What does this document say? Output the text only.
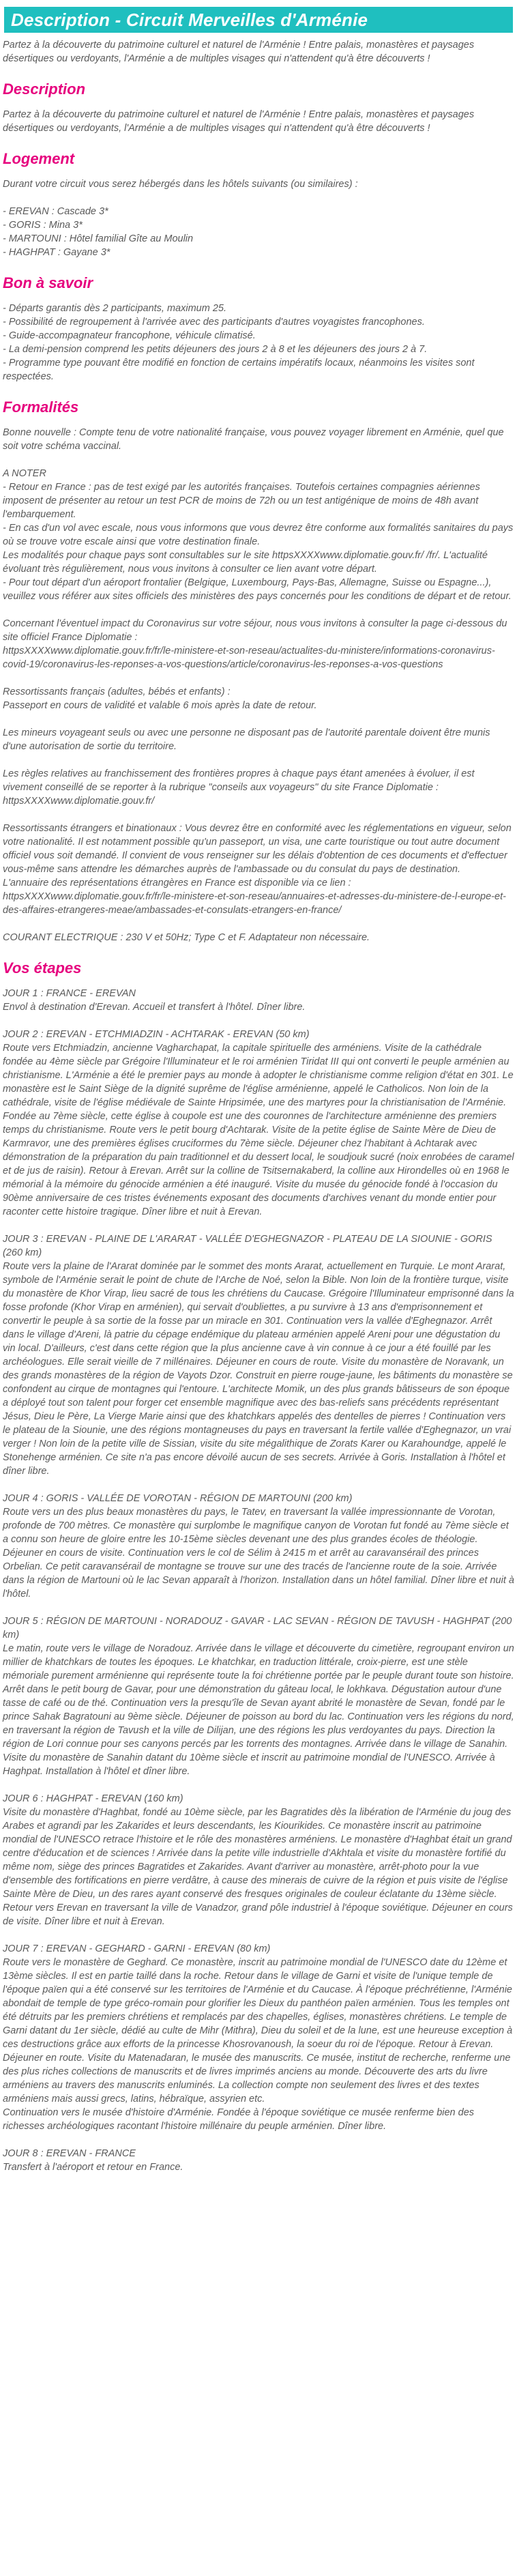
Description - Circuit Merveilles d'Arménie

Partez à la découverte du patrimoine culturel et naturel de l'Arménie ! Entre palais, monastères et paysages désertiques ou verdoyants, l'Arménie a de multiples visages qui n'attendent qu'à être découverts !

Description

Partez à la découverte du patrimoine culturel et naturel de l'Arménie ! Entre palais, monastères et paysages désertiques ou verdoyants, l'Arménie a de multiples visages qui n'attendent qu'à être découverts !

Logement

Durant votre circuit vous serez hébergés dans les hôtels suivants (ou similaires) :

- EREVAN : Cascade 3*
- GORIS : Mina 3*
- MARTOUNI : Hôtel familial Gîte au Moulin
- HAGHPAT : Gayane 3*
Bon à savoir
- Départs garantis dès 2 participants, maximum 25.
- Possibilité de regroupement à l'arrivée avec des participants d'autres voyagistes francophones.
- Guide-accompagnateur francophone, véhicule climatisé.
- La demi-pension comprend les petits déjeuners des jours 2 à 8 et les déjeuners des jours 2 à 7.
- Programme type pouvant être modifié en fonction de certains impératifs locaux, néanmoins les visites sont respectées.
Formalités

Bonne nouvelle : Compte tenu de votre nationalité française, vous pouvez voyager librement en Arménie, quel que soit votre schéma vaccinal.

A NOTER
- Retour en France : pas de test exigé par les autorités françaises. Toutefois certaines compagnies aériennes imposent de présenter au retour un test PCR de moins de 72h ou un test antigénique de moins de 48h avant l'embarquement.
- En cas d'un vol avec escale, nous vous informons que vous devrez être conforme aux formalités sanitaires du pays où se trouve votre escale ainsi que votre destination finale.
Les modalités pour chaque pays sont consultables sur le site httpsXXXXwww.diplomatie.gouv.fr/ /fr/. L'actualité évoluant très régulièrement, nous vous invitons à consulter ce lien avant votre départ.
- Pour tout départ d'un aéroport frontalier (Belgique, Luxembourg, Pays-Bas, Allemagne, Suisse ou Espagne...), veuillez vous référer aux sites officiels des ministères des pays concernés pour les conditions de départ et de retour.

Concernant l'éventuel impact du Coronavirus sur votre séjour, nous vous invitons à consulter la page ci-dessous du site officiel France Diplomatie :
httpsXXXXwww.diplomatie.gouv.fr/fr/le-ministere-et-son-reseau/actualites-du-ministere/informations-coronavirus-covid-19/coronavirus-les-reponses-a-vos-questions/article/coronavirus-les-reponses-a-vos-questions

Ressortissants français (adultes, bébés et enfants) :
Passeport en cours de validité et valable 6 mois après la date de retour.

Les mineurs voyageant seuls ou avec une personne ne disposant pas de l'autorité parentale doivent être munis d'une autorisation de sortie du territoire.

Les règles relatives au franchissement des frontières propres à chaque pays étant amenées à évoluer, il est vivement conseillé de se reporter à la rubrique "conseils aux voyageurs" du site France Diplomatie :
httpsXXXXwww.diplomatie.gouv.fr/

Ressortissants étrangers et binationaux : Vous devrez être en conformité avec les réglementations en vigueur, selon votre nationalité. Il est notamment possible qu'un passeport, un visa, une carte touristique ou tout autre document officiel vous soit demandé. Il convient de vous renseigner sur les délais d'obtention de ces documents et d'effectuer vous-même sans attendre les démarches auprès de l'ambassade ou du consulat du pays de destination.
L'annuaire des représentations étrangères en France est disponible via ce lien :
httpsXXXXwww.diplomatie.gouv.fr/fr/le-ministere-et-son-reseau/annuaires-et-adresses-du-ministere-de-l-europe-et-des-affaires-etrangeres-meae/ambassades-et-consulats-etrangers-en-france/

COURANT ELECTRIQUE : 230 V et 50Hz; Type C et F. Adaptateur non nécessaire.

Vos étapes
JOUR 1 : FRANCE - EREVAN

Envol à destination d'Erevan. Accueil et transfert à l'hôtel. Dîner libre.

JOUR 2 : EREVAN - ETCHMIADZIN - ACHTARAK - EREVAN (50 km)

Route vers Etchmiadzin, ancienne Vagharchapat, la capitale spirituelle des arméniens. Visite de la cathédrale fondée au 4ème siècle par Grégoire l'Illuminateur et le roi arménien Tiridat III qui ont converti le peuple arménien au christianisme. L'Arménie a été le premier pays au monde à adopter le christianisme comme religion d'état en 301. Le monastère est le Saint Siège de la dignité suprême de l'église arménienne, appelé le Catholicos. Non loin de la cathédrale, visite de l'église médiévale de Sainte Hripsimée, une des martyres pour la christianisation de l'Arménie. Fondée au 7ème siècle, cette église à coupole est une des couronnes de l'architecture arménienne des premiers temps du christianisme. Route vers le petit bourg d'Achtarak. Visite de la petite église de Sainte Mère de Dieu de Karmravor, une des premières églises cruciformes du 7ème siècle. Déjeuner chez l'habitant à Achtarak avec démonstration de la préparation du pain traditionnel et du dessert local, le soudjouk sucré (noix enrobées de caramel et de jus de raisin). Retour à Erevan. Arrêt sur la colline de Tsitsernakaberd, la colline aux Hirondelles où en 1968 le mémorial à la mémoire du génocide arménien a été inauguré. Visite du musée du génocide fondé à l'occasion du 90ème anniversaire de ces tristes événements exposant des documents d'archives venant du monde entier pour raconter cette histoire tragique. Dîner libre et nuit à Erevan.

JOUR 3 : EREVAN - PLAINE DE L'ARARAT - VALLÉE D'EGHEGNAZOR - PLATEAU DE LA SIOUNIE - GORIS (260 km)

Route vers la plaine de l'Ararat dominée par le sommet des monts Ararat, actuellement en Turquie. Le mont Ararat, symbole de l'Arménie serait le point de chute de l'Arche de Noé, selon la Bible. Non loin de la frontière turque, visite du monastère de Khor Virap, lieu sacré de tous les chrétiens du Caucase. Grégoire l'Illuminateur emprisonné dans la fosse profonde (Khor Virap en arménien), qui servait d'oubliettes, a pu survivre à 13 ans d'emprisonnement et convertir le peuple à sa sortie de la fosse par un miracle en 301. Continuation vers la vallée d'Eghegnazor. Arrêt dans le village d'Areni, là patrie du cépage endémique du plateau arménien appelé Areni pour une dégustation du vin local. D'ailleurs, c'est dans cette région que la plus ancienne cave à vin connue à ce jour a été fouillé par les archéologues. Elle serait vieille de 7 millénaires. Déjeuner en cours de route. Visite du monastère de Noravank, un des grands monastères de la région de Vayots Dzor. Construit en pierre rouge-jaune, les bâtiments du monastère se confondent au cirque de montagnes qui l'entoure. L'architecte Momik, un des plus grands bâtisseurs de son époque a déployé tout son talent pour forger cet ensemble magnifique avec des bas-reliefs sans précédents représentant Jésus, Dieu le Père, La Vierge Marie ainsi que des khatchkars appelés des dentelles de pierres ! Continuation vers le plateau de la Siounie, une des régions montagneuses du pays en traversant la fertile vallée d'Eghegnazor, un vrai verger ! Non loin de la petite ville de Sissian, visite du site mégalithique de Zorats Karer ou Karahoundge, appelé le Stonehenge arménien. Ce site n'a pas encore dévoilé aucun de ses secrets. Arrivée à Goris. Installation à l'hôtel et dîner libre.

JOUR 4 : GORIS - VALLÉE DE VOROTAN - RÉGION DE MARTOUNI (200 km)

Route vers un des plus beaux monastères du pays, le Tatev, en traversant la vallée impressionnante de Vorotan, profonde de 700 mètres. Ce monastère qui surplombe le magnifique canyon de Vorotan fut fondé au 7ème siècle et a connu son heure de gloire entre les 10-15ème siècles devenant une des plus grandes écoles de théologie. Déjeuner en cours de visite. Continuation vers le col de Sélim à 2415 m et arrêt au caravansérail des princes Orbelian. Ce petit caravansérail de montagne se trouve sur une des tracés de l'ancienne route de la soie. Arrivée dans la région de Martouni où le lac Sevan apparaît à l'horizon. Installation dans un hôtel familial. Dîner libre et nuit à l'hôtel.

JOUR 5 : RÉGION DE MARTOUNI - NORADOUZ - GAVAR - LAC SEVAN - RÉGION DE TAVUSH - HAGHPAT (200 km)

Le matin, route vers le village de Noradouz. Arrivée dans le village et découverte du cimetière, regroupant environ un millier de khatchkars de toutes les époques. Le khatchkar, en traduction littérale, croix-pierre, est une stèle mémoriale purement arménienne qui représente toute la foi chrétienne portée par le peuple durant toute son histoire. Arrêt dans le petit bourg de Gavar, pour une démonstration du gâteau local, le lokhkava. Dégustation autour d'une tasse de café ou de thé. Continuation vers la presqu'île de Sevan ayant abrité le monastère de Sevan, fondé par le prince Sahak Bagratouni au 9ème siècle. Déjeuner de poisson au bord du lac. Continuation vers les régions du nord, en traversant la région de Tavush et la ville de Dilijan, une des régions les plus verdoyantes du pays. Direction la région de Lori connue pour ses canyons percés par les torrents des montagnes. Arrivée dans le village de Sanahin. Visite du monastère de Sanahin datant du 10ème siècle et inscrit au patrimoine mondial de l'UNESCO. Arrivée à Haghpat. Installation à l'hôtel et dîner libre.

JOUR 6 : HAGHPAT - EREVAN (160 km)

Visite du monastère d'Haghbat, fondé au 10ème siècle, par les Bagratides dès la libération de l'Arménie du joug des Arabes et agrandi par les Zakarides et leurs descendants, les Kiourikides. Ce monastère inscrit au patrimoine mondial de l'UNESCO retrace l'histoire et le rôle des monastères arméniens. Le monastère d'Haghbat était un grand centre d'éducation et de sciences ! Arrivée dans la petite ville industrielle d'Akhtala et visite du monastère fortifié du même nom, siège des princes Bagratides et Zakarides. Avant d'arriver au monastère, arrêt-photo pour la vue d'ensemble des fortifications en pierre verdâtre, à cause des minerais de cuivre de la région et puis visite de l'église Sainte Mère de Dieu, un des rares ayant conservé des fresques originales de couleur éclatante du 13ème siècle. Retour vers Erevan en traversant la ville de Vanadzor, grand pôle industriel à l'époque soviétique. Déjeuner en cours de visite. Dîner libre et nuit à Erevan.

JOUR 7 : EREVAN - GEGHARD - GARNI - EREVAN (80 km)

Route vers le monastère de Geghard. Ce monastère, inscrit au patrimoine mondial de l'UNESCO date du 12ème et 13ème siècles. Il est en partie taillé dans la roche. Retour dans le village de Garni et visite de l'unique temple de l'époque païen qui a été conservé sur les territoires de l'Arménie et du Caucase. À l'époque préchrétienne, l'Arménie abondait de temple de type gréco-romain pour glorifier les Dieux du panthéon païen arménien. Tous les temples ont été détruits par les premiers chrétiens et remplacés par des chapelles, églises, monastères chrétiens. Le temple de Garni datant du 1er siècle, dédié au culte de Mihr (Mithra), Dieu du soleil et de la lune, est une heureuse exception à ces destructions grâce aux efforts de la princesse Khosrovanoush, la soeur du roi de l'époque. Retour à Erevan. Déjeuner en route. Visite du Matenadaran, le musée des manuscrits. Ce musée, institut de recherche, renferme une des plus riches collections de manuscrits et de livres imprimés anciens au monde. Découverte des arts du livre arméniens au travers des manuscrits enluminés. La collection compte non seulement des livres et des textes arméniens mais aussi grecs, latins, hébraïque, assyrien etc.
Continuation vers le musée d'histoire d'Arménie. Fondée à l'époque soviétique ce musée renferme bien des richesses archéologiques racontant l'histoire millénaire du peuple arménien. Dîner libre.

JOUR 8 : EREVAN - FRANCE

Transfert à l'aéroport et retour en France.
